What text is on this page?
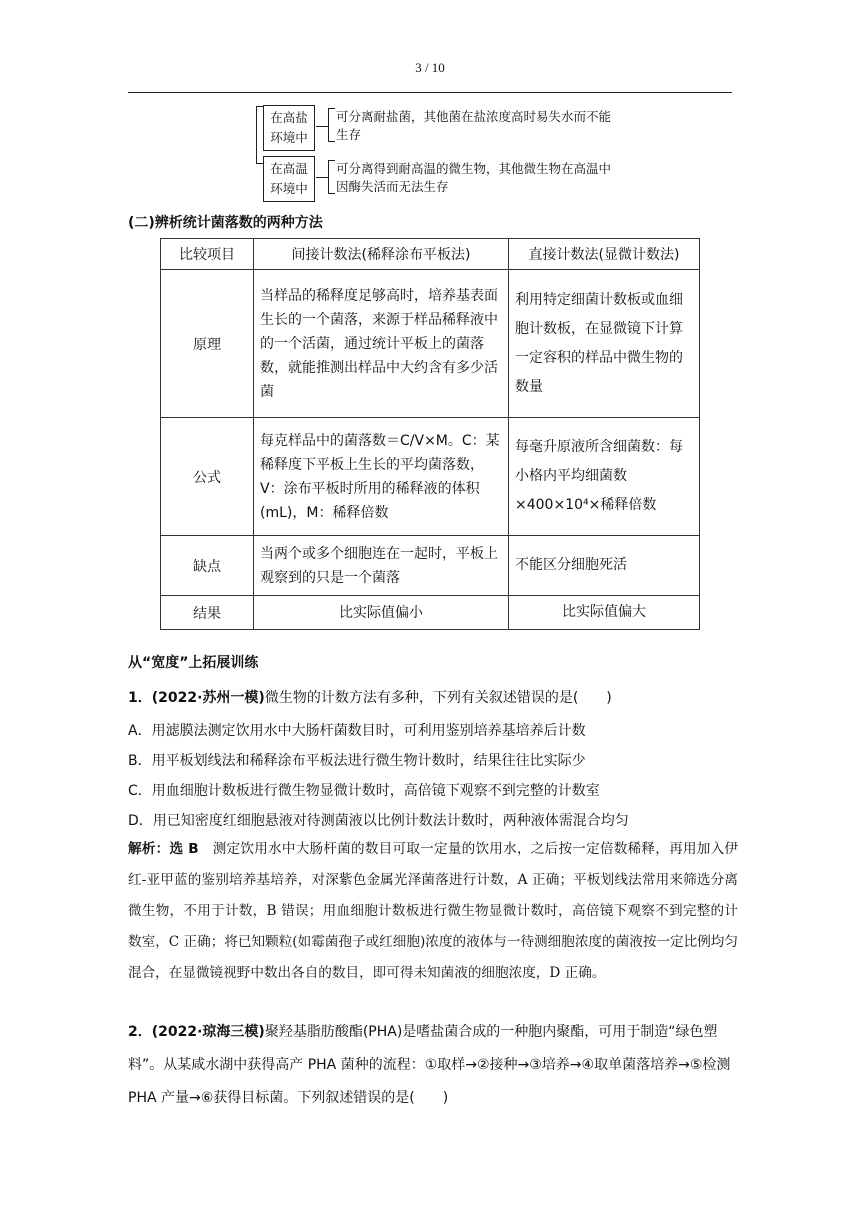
3 / 10
在高盐环境中
可分离耐盐菌，其他菌在盐浓度高时易失水而不能生存
在高温环境中
可分离得到耐高温的微生物，其他微生物在高温中因酶失活而无法生存
(二)辨析统计菌落数的两种方法
比较项目	间接计数法(稀释涂布平板法)	直接计数法(显微计数法)
原理	当样品的稀释度足够高时，培养基表面生长的一个菌落，来源于样品稀释液中的一个活菌，通过统计平板上的菌落数，就能推测出样品中大约含有多少活菌	利用特定细菌计数板或血细胞计数板，在显微镜下计算一定容积的样品中微生物的数量
公式	每克样品中的菌落数＝C/V×M。C：某稀释度下平板上生长的平均菌落数，V：涂布平板时所用的稀释液的体积(mL)，M：稀释倍数	每毫升原液所含细菌数：每小格内平均细菌数×400×10⁴×稀释倍数
缺点	当两个或多个细胞连在一起时，平板上观察到的只是一个菌落	不能区分细胞死活
结果	比实际值偏小	比实际值偏大
从“宽度”上拓展训练
1．(2022·苏州一模)微生物的计数方法有多种，下列有关叙述错误的是(　　)
A．用滤膜法测定饮用水中大肠杆菌数目时，可利用鉴别培养基培养后计数
B．用平板划线法和稀释涂布平板法进行微生物计数时，结果往往比实际少
C．用血细胞计数板进行微生物显微计数时，高倍镜下观察不到完整的计数室
D．用已知密度红细胞悬液对待测菌液以比例计数法计数时，两种液体需混合均匀
解析：选 B　测定饮用水中大肠杆菌的数目可取一定量的饮用水，之后按一定倍数稀释，再用加入伊红-亚甲蓝的鉴别培养基培养，对深紫色金属光泽菌落进行计数，A 正确；平板划线法常用来筛选分离微生物，不用于计数，B 错误；用血细胞计数板进行微生物显微计数时，高倍镜下观察不到完整的计数室，C 正确；将已知颗粒(如霉菌孢子或红细胞)浓度的液体与一待测细胞浓度的菌液按一定比例均匀混合，在显微镜视野中数出各自的数目，即可得未知菌液的细胞浓度，D 正确。
2．(2022·琼海三模)聚羟基脂肪酸酯(PHA)是嗜盐菌合成的一种胞内聚酯，可用于制造“绿色塑料”。从某咸水湖中获得高产 PHA 菌种的流程：①取样→②接种→③培养→④取单菌落培养→⑤检测 PHA 产量→⑥获得目标菌。下列叙述错误的是(　　)
